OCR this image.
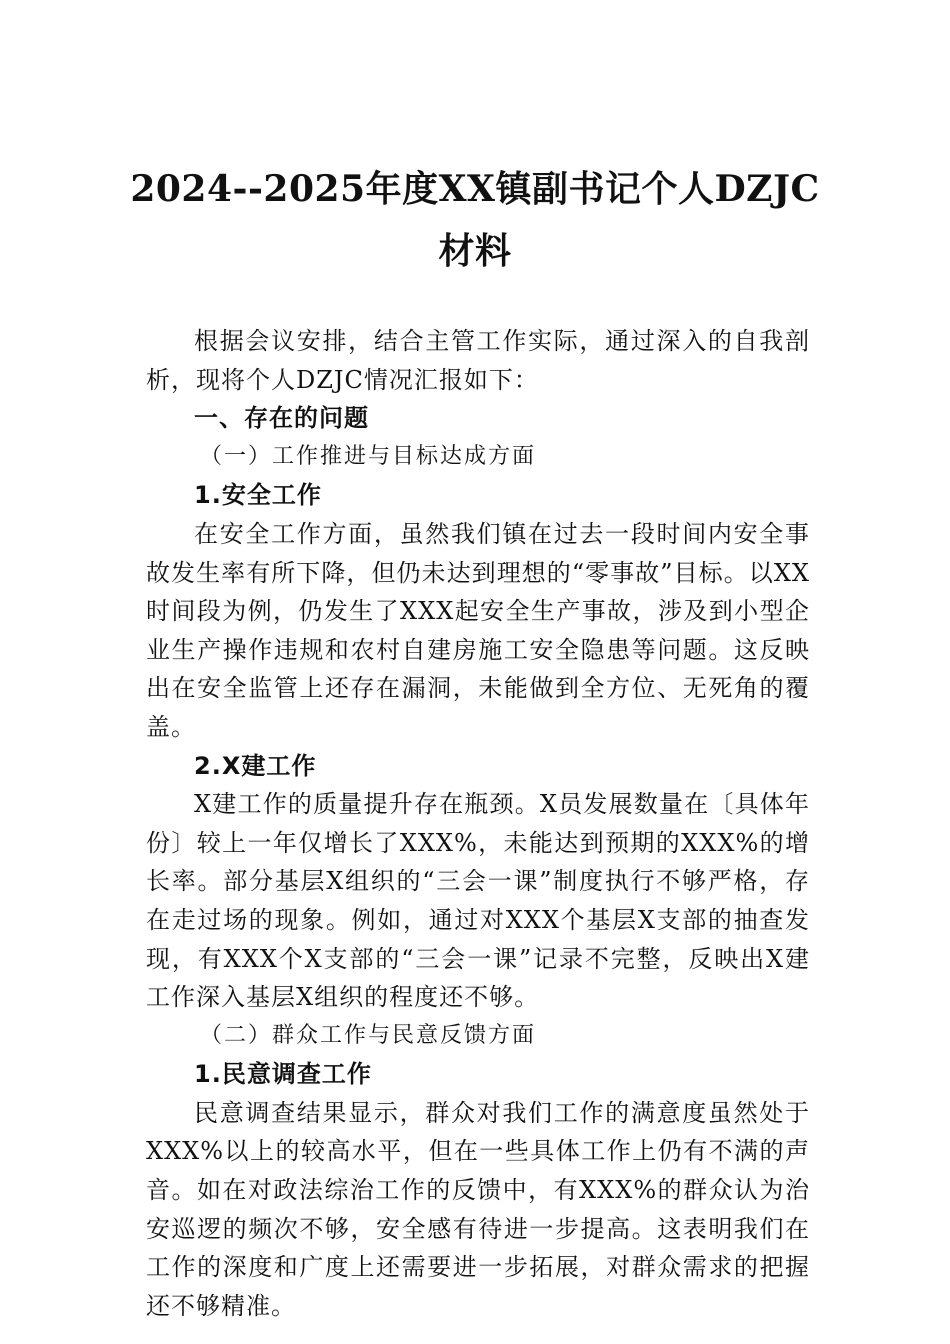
2024--2025年度XX镇副书记个人DZJC材料

根据会议安排，结合主管工作实际，通过深入的自我剖析，现将个人DZJC情况汇报如下：

一、存在的问题

（一）工作推进与目标达成方面

1.安全工作

在安全工作方面，虽然我们镇在过去一段时间内安全事故发生率有所下降，但仍未达到理想的“零事故”目标。以XX时间段为例，仍发生了XXX起安全生产事故，涉及到小型企业生产操作违规和农村自建房施工安全隐患等问题。这反映出在安全监管上还存在漏洞，未能做到全方位、无死角的覆盖。

2.X建工作

X建工作的质量提升存在瓶颈。X员发展数量在〔具体年份〕较上一年仅增长了XXX%，未能达到预期的XXX%的增长率。部分基层X组织的“三会一课”制度执行不够严格，存在走过场的现象。例如，通过对XXX个基层X支部的抽查发现，有XXX个X支部的“三会一课”记录不完整，反映出X建工作深入基层X组织的程度还不够。

（二）群众工作与民意反馈方面

1.民意调查工作

民意调查结果显示，群众对我们工作的满意度虽然处于XXX%以上的较高水平，但在一些具体工作上仍有不满的声音。如在对政法综治工作的反馈中，有XXX%的群众认为治安巡逻的频次不够，安全感有待进一步提高。这表明我们在工作的深度和广度上还需要进一步拓展，对群众需求的把握还不够精准。
